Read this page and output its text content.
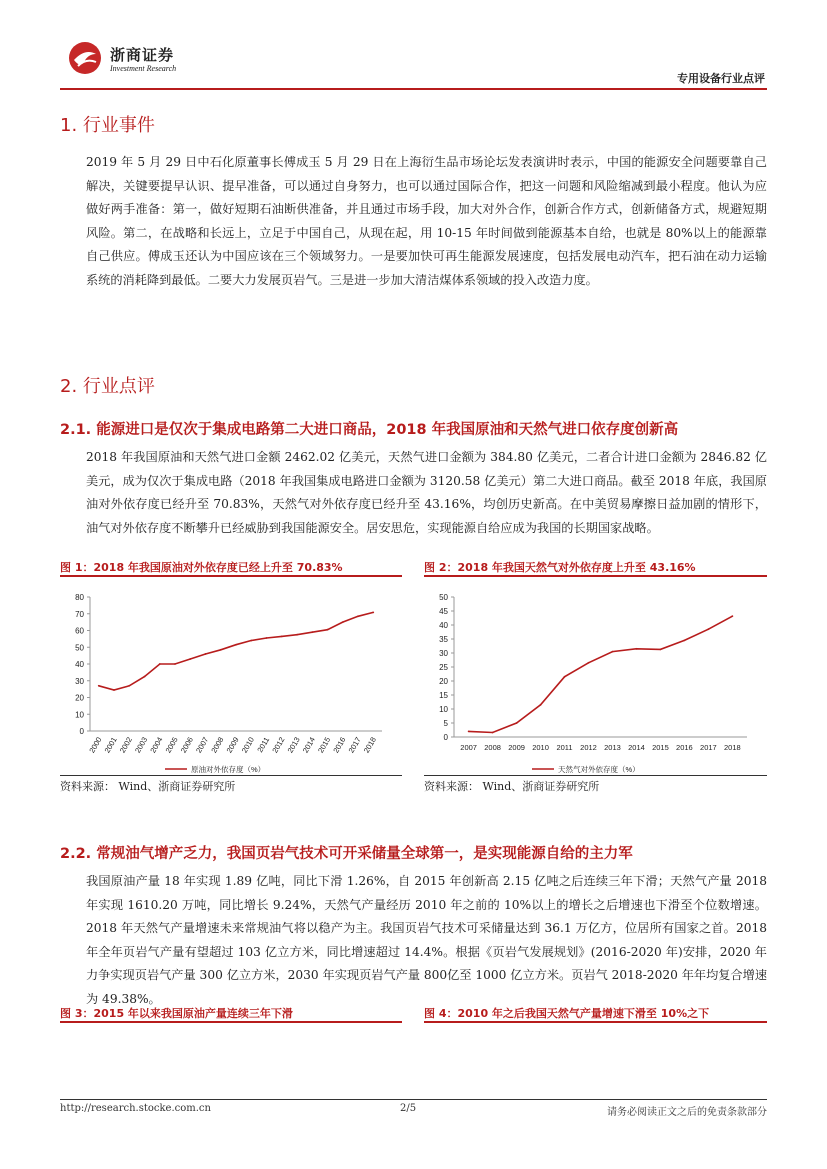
浙商证券
Investment Research
专用设备行业点评
1. 行业事件
2019 年 5 月 29 日中石化原董事长傅成玉 5 月 29 日在上海衍生品市场论坛发表演讲时表示，中国的能源安全问题要靠自己解决，关键要提早认识、提早准备，可以通过自身努力，也可以通过国际合作，把这一问题和风险缩减到最小程度。他认为应做好两手准备：第一，做好短期石油断供准备，并且通过市场手段，加大对外合作，创新合作方式，创新储备方式，规避短期风险。第二，在战略和长远上，立足于中国自己，从现在起，用 10-15 年时间做到能源基本自给，也就是 80%以上的能源靠自己供应。傅成玉还认为中国应该在三个领域努力。一是要加快可再生能源发展速度，包括发展电动汽车，把石油在动力运输系统的消耗降到最低。二要大力发展页岩气。三是进一步加大清洁煤体系领域的投入改造力度。
2. 行业点评
2.1. 能源进口是仅次于集成电路第二大进口商品，2018 年我国原油和天然气进口依存度创新高
2018 年我国原油和天然气进口金额 2462.02 亿美元，天然气进口金额为 384.80 亿美元，二者合计进口金额为 2846.82 亿美元，成为仅次于集成电路（2018 年我国集成电路进口金额为 3120.58 亿美元）第二大进口商品。截至 2018 年底，我国原油对外依存度已经升至 70.83%，天然气对外依存度已经升至 43.16%，均创历史新高。在中美贸易摩擦日益加剧的情形下，油气对外依存度不断攀升已经威胁到我国能源安全。居安思危，实现能源自给应成为我国的长期国家战略。
图 1：2018 年我国原油对外依存度已经上升至 70.83%	图 2：2018 年我国天然气对外依存度上升至 43.16%
0
10
20
30
40
50
60
70
80
2000 2001 2002 2003 2004 2005 2006 2007 2008 2009 2010 2011 2012 2013 2014 2015 2016 2017 2018
原油对外依存度（%）
0
5
10
15
20
25
30
35
40
45
50
2007 2008 2009 2010 2011 2012 2013 2014 2015 2016 2017 2018
天然气对外依存度（%）
资料来源： Wind、浙商证券研究所	资料来源： Wind、浙商证券研究所
2.2. 常规油气增产乏力，我国页岩气技术可开采储量全球第一，是实现能源自给的主力军
我国原油产量 18 年实现 1.89 亿吨，同比下滑 1.26%，自 2015 年创新高 2.15 亿吨之后连续三年下滑；天然气产量 2018 年实现 1610.20 万吨，同比增长 9.24%，天然气产量经历 2010 年之前的 10%以上的增长之后增速也下滑至个位数增速。2018 年天然气产量增速未来常规油气将以稳产为主。我国页岩气技术可采储量达到 36.1 万亿方，位居所有国家之首。2018 年全年页岩气产量有望超过 103 亿立方米，同比增速超过 14.4%。根据《页岩气发展规划》(2016-2020 年)安排，2020 年力争实现页岩气产量 300 亿立方米，2030 年实现页岩气产量 800亿至 1000 亿立方米。页岩气 2018-2020 年年均复合增速为 49.38%。
图 3：2015 年以来我国原油产量连续三年下滑	图 4：2010 年之后我国天然气产量增速下滑至 10%之下
http://research.stocke.com.cn	2/5	请务必阅读正文之后的免责条款部分
